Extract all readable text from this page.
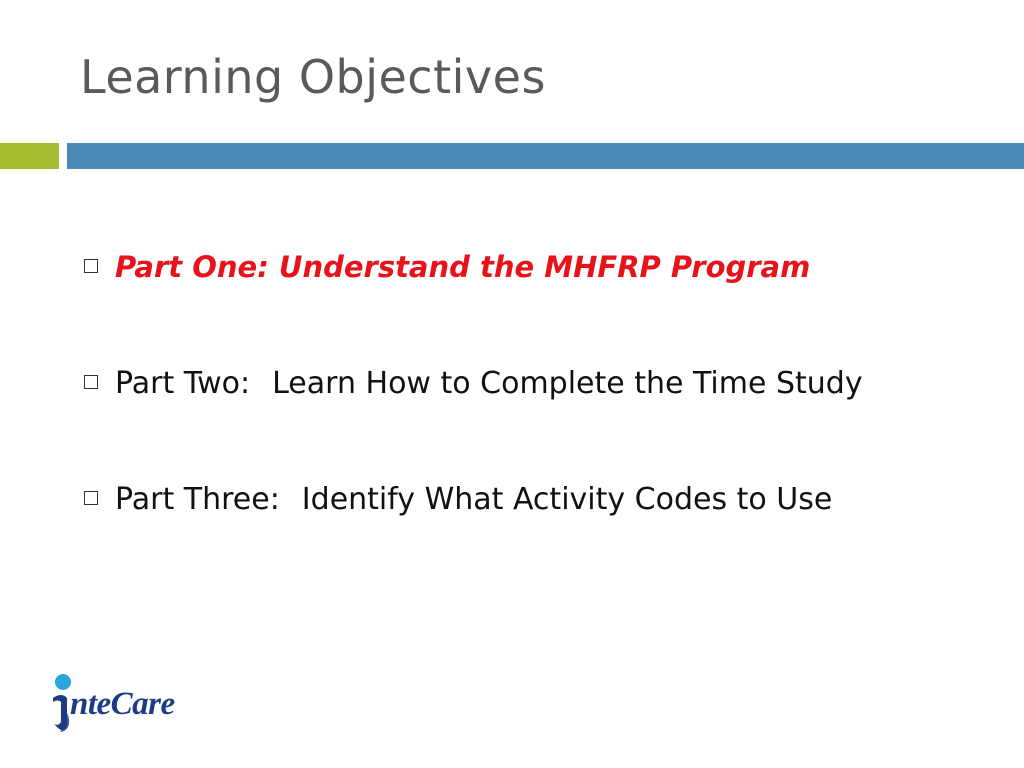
Learning Objectives
Part One: Understand the MHFRP Program
Part Two: Learn How to Complete the Time Study
Part Three: Identify What Activity Codes to Use
nteCare
